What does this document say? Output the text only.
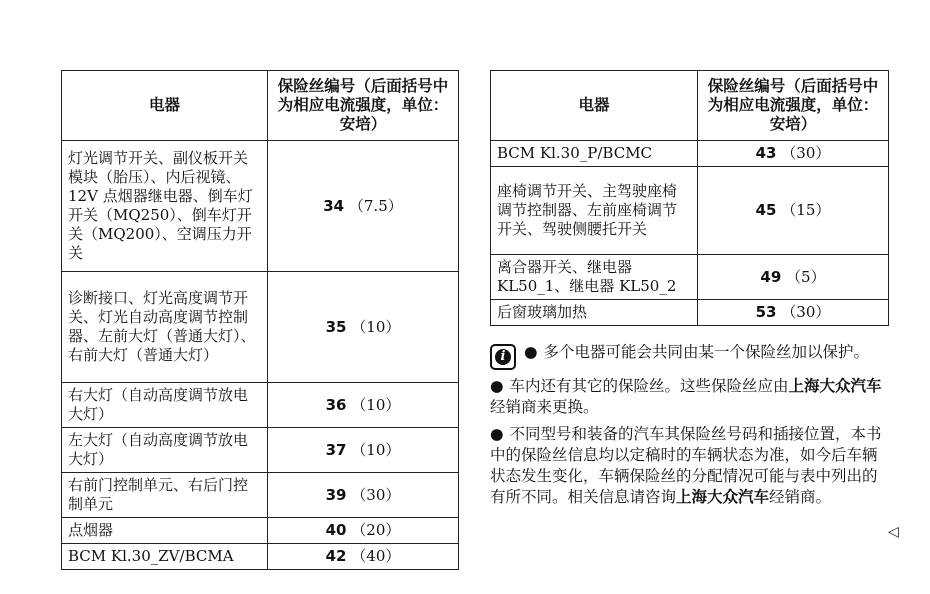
电器	保险丝编号（后面括号中为相应电流强度，单位：安培）
灯光调节开关、副仪板开关模块（胎压）、内后视镜、12V 点烟器继电器、倒车灯开关（MQ250）、倒车灯开关（MQ200）、空调压力开关	34 （7.5）
诊断接口、灯光高度调节开关、灯光自动高度调节控制器、左前大灯（普通大灯）、右前大灯（普通大灯）	35 （10）
右大灯（自动高度调节放电大灯）	36 （10）
左大灯（自动高度调节放电大灯）	37 （10）
右前门控制单元、右后门控制单元	39 （30）
点烟器	40 （20）
BCM Kl.30_ZV/BCMA	42 （40）
电器	保险丝编号（后面括号中为相应电流强度，单位：安培）
BCM Kl.30_P/BCMC	43 （30）
座椅调节开关、主驾驶座椅调节控制器、左前座椅调节开关、驾驶侧腰托开关	45 （15）
离合器开关、继电器 KL50_1、继电器 KL50_2	49 （5）
后窗玻璃加热	53 （30）
i	● 多个电器可能会共同由某一个保险丝加以保护。
● 车内还有其它的保险丝。这些保险丝应由上海大众汽车经销商来更换。
● 不同型号和装备的汽车其保险丝号码和插接位置，本书中的保险丝信息均以定稿时的车辆状态为准，如今后车辆状态发生变化，车辆保险丝的分配情况可能与表中列出的有所不同。相关信息请咨询上海大众汽车经销商。
◁
